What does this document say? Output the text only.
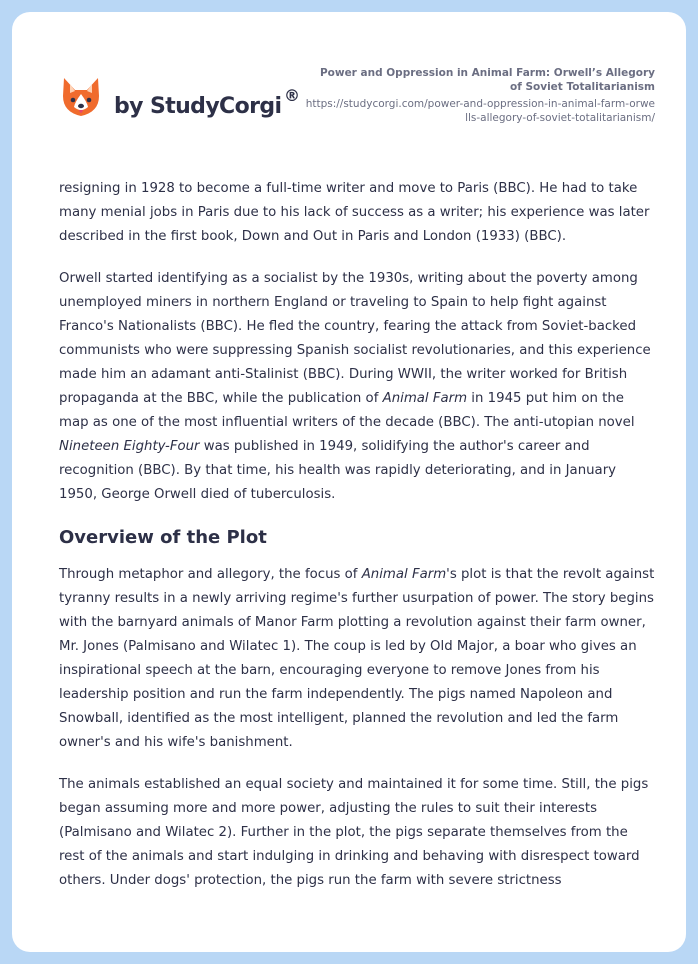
by StudyCorgi ®
Power and Oppression in Animal Farm: Orwell’s Allegory of Soviet Totalitarianism
https://studycorgi.com/power-and-oppression-in-animal-farm-orwells-allegory-of-soviet-totalitarianism/

resigning in 1928 to become a full-time writer and move to Paris (BBC). He had to take many menial jobs in Paris due to his lack of success as a writer; his experience was later described in the first book, Down and Out in Paris and London (1933) (BBC).

Orwell started identifying as a socialist by the 1930s, writing about the poverty among unemployed miners in northern England or traveling to Spain to help fight against Franco's Nationalists (BBC). He fled the country, fearing the attack from Soviet-backed communists who were suppressing Spanish socialist revolutionaries, and this experience made him an adamant anti-Stalinist (BBC). During WWII, the writer worked for British propaganda at the BBC, while the publication of Animal Farm in 1945 put him on the map as one of the most influential writers of the decade (BBC). The anti-utopian novel Nineteen Eighty-Four was published in 1949, solidifying the author's career and recognition (BBC). By that time, his health was rapidly deteriorating, and in January 1950, George Orwell died of tuberculosis.

Overview of the Plot

Through metaphor and allegory, the focus of Animal Farm's plot is that the revolt against tyranny results in a newly arriving regime's further usurpation of power. The story begins with the barnyard animals of Manor Farm plotting a revolution against their farm owner, Mr. Jones (Palmisano and Wilatec 1). The coup is led by Old Major, a boar who gives an inspirational speech at the barn, encouraging everyone to remove Jones from his leadership position and run the farm independently. The pigs named Napoleon and Snowball, identified as the most intelligent, planned the revolution and led the farm owner's and his wife's banishment.

The animals established an equal society and maintained it for some time. Still, the pigs began assuming more and more power, adjusting the rules to suit their interests (Palmisano and Wilatec 2). Further in the plot, the pigs separate themselves from the rest of the animals and start indulging in drinking and behaving with disrespect toward others. Under dogs' protection, the pigs run the farm with severe strictness
